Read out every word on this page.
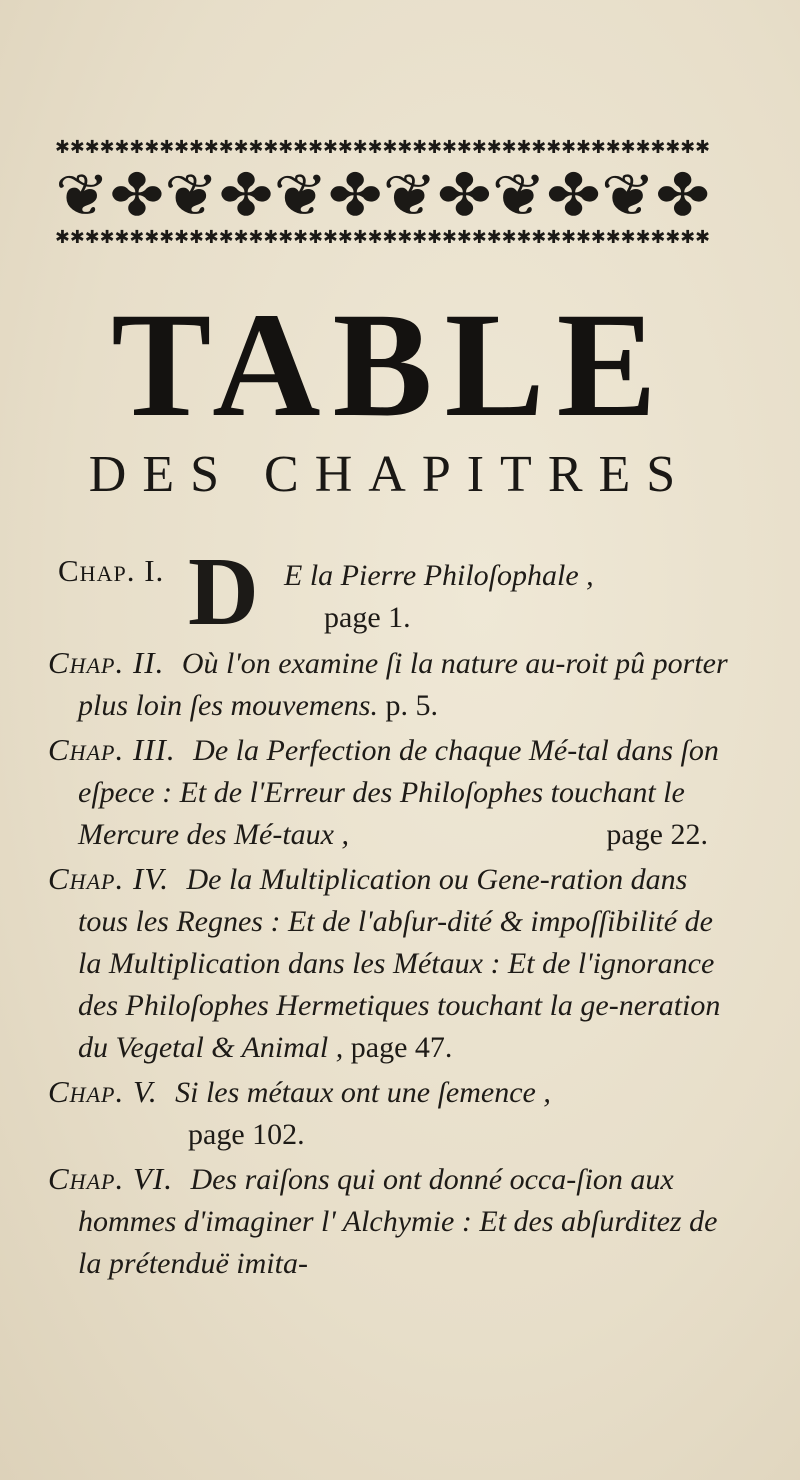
✱✱✱✱✱✱✱✱✱✱✱✱✱✱✱✱✱✱✱✱✱✱✱✱✱✱✱✱✱✱✱✱✱✱✱✱✱✱✱✱✱✱✱✱
❦✤❦✤❦✤❦✤❦✤❦✤
✱✱✱✱✱✱✱✱✱✱✱✱✱✱✱✱✱✱✱✱✱✱✱✱✱✱✱✱✱✱✱✱✱✱✱✱✱✱✱✱✱✱✱✱
TABLE
DES CHAPITRES
Chap. I. D E la Pierre Philoſophale ,
page 1.
Chap. II. Où l'on examine ſi la nature au-roit pû porter plus loin ſes mouvemens. p. 5.
Chap. III. De la Perfection de chaque Mé-tal dans ſon eſpece : Et de l'Erreur des Philoſophes touchant le Mercure des Mé-taux ,	page 22.
Chap. IV. De la Multiplication ou Gene-ration dans tous les Regnes : Et de l'abſur-dité & impoſſibilité de la Multiplication dans les Métaux : Et de l'ignorance des Philoſophes Hermetiques touchant la ge-neration du Vegetal & Animal , page 47.
Chap. V. Si les métaux ont une ſemence ,
page 102.
Chap. VI. Des raiſons qui ont donné occa-ſion aux hommes d'imaginer l' Alchymie : Et des abſurditez de la prétenduë imita-
